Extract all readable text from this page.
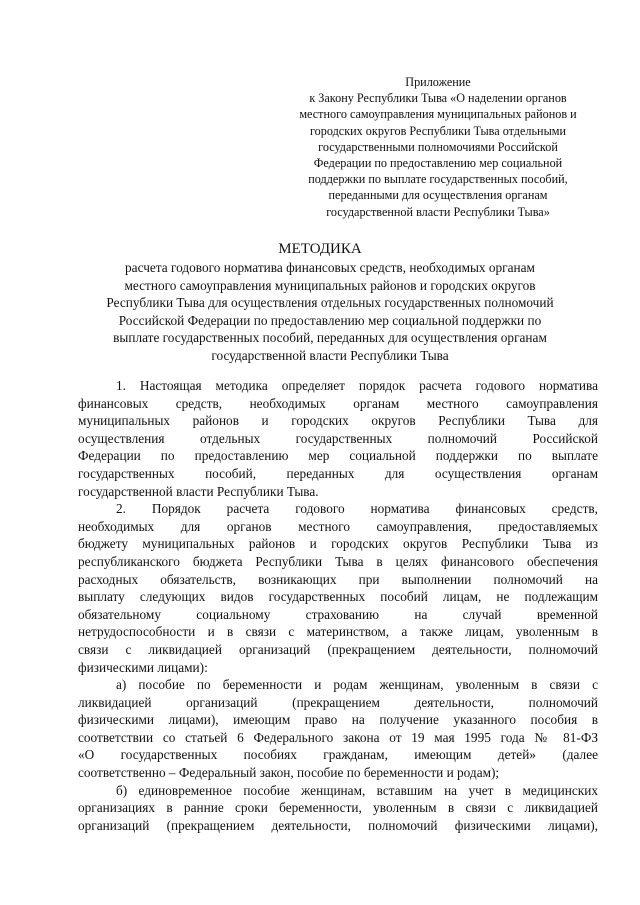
Приложение
к Закону Республики Тыва «О наделении органов
местного самоуправления муниципальных районов и
городских округов Республики Тыва отдельными
государственными полномочиями Российской
Федерации по предоставлению мер социальной
поддержки по выплате государственных пособий,
переданными для осуществления органам
государственной власти Республики Тыва»
МЕТОДИКА
расчета годового норматива финансовых средств, необходимых органам
местного самоуправления муниципальных районов и городских округов
Республики Тыва для осуществления отдельных государственных полномочий
Российской Федерации по предоставлению мер социальной поддержки по
выплате государственных пособий, переданных для осуществления органам
государственной власти Республики Тыва
1. Настоящая методика определяет порядок расчета годового норматива
финансовых средств, необходимых органам местного самоуправления
муниципальных районов и городских округов Республики Тыва для
осуществления отдельных государственных полномочий Российской
Федерации по предоставлению мер социальной поддержки по выплате
государственных пособий, переданных для осуществления органам
государственной власти Республики Тыва.
2. Порядок расчета годового норматива финансовых средств,
необходимых для органов местного самоуправления, предоставляемых
бюджету муниципальных районов и городских округов Республики Тыва из
республиканского бюджета Республики Тыва в целях финансового обеспечения
расходных обязательств, возникающих при выполнении полномочий на
выплату следующих видов государственных пособий лицам, не подлежащим
обязательному социальному страхованию на случай временной
нетрудоспособности и в связи с материнством, а также лицам, уволенным в
связи с ликвидацией организаций (прекращением деятельности, полномочий
физическими лицами):
а) пособие по беременности и родам женщинам, уволенным в связи с
ликвидацией организаций (прекращением деятельности, полномочий
физическими лицами), имеющим право на получение указанного пособия в
соответствии со статьей 6 Федерального закона от 19 мая 1995 года № 81-ФЗ
«О государственных пособиях гражданам, имеющим детей» (далее
соответственно – Федеральный закон, пособие по беременности и родам);
б) единовременное пособие женщинам, вставшим на учет в медицинских
организациях в ранние сроки беременности, уволенным в связи с ликвидацией
организаций (прекращением деятельности, полномочий физическими лицами),
